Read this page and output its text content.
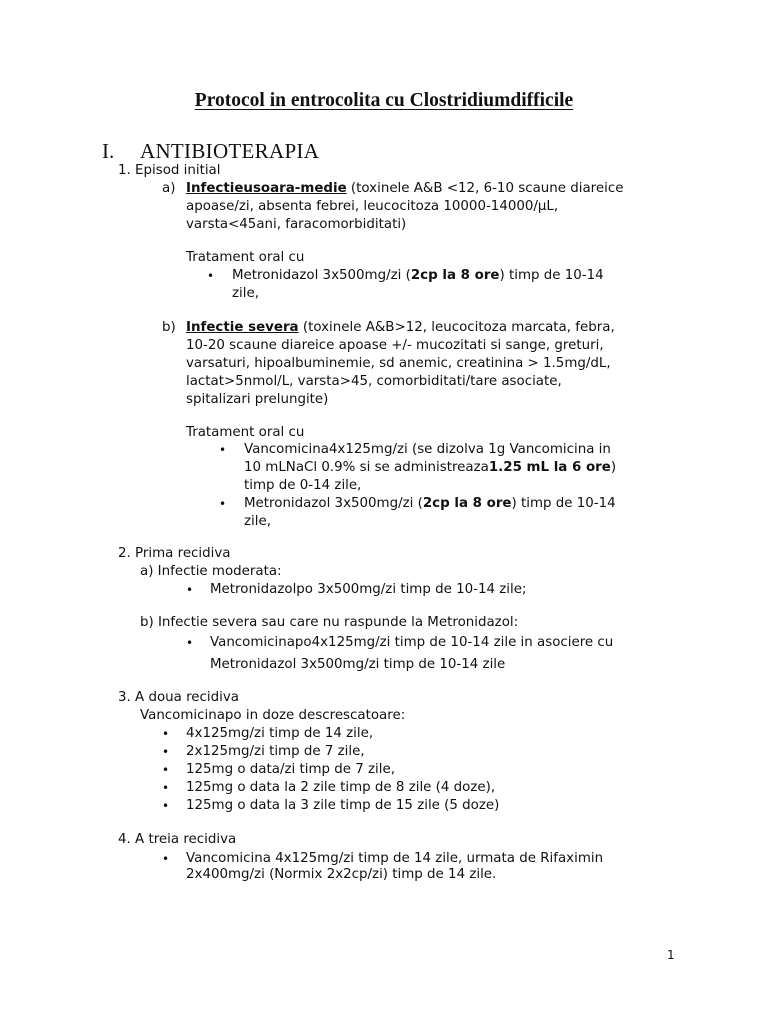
Protocol in entrocolita cu Clostridiumdifficile
I. ANTIBIOTERAPIA
1. Episod initial
a) Infectieusoara-medie (toxinele A&B <12, 6-10 scaune diareice
apoase/zi, absenta febrei, leucocitoza 10000-14000/μL,
varsta<45ani, faracomorbiditati)
Tratament oral cu
• Metronidazol 3x500mg/zi (2cp la 8 ore) timp de 10-14
zile,
b) Infectie severa (toxinele A&B>12, leucocitoza marcata, febra,
10-20 scaune diareice apoase +/- mucozitati si sange, greturi,
varsaturi, hipoalbuminemie, sd anemic, creatinina > 1.5mg/dL,
lactat>5nmol/L, varsta>45, comorbiditati/tare asociate,
spitalizari prelungite)
Tratament oral cu
• Vancomicina4x125mg/zi (se dizolva 1g Vancomicina in
10 mLNaCl 0.9% si se administreaza1.25 mL la 6 ore)
timp de 0-14 zile,
• Metronidazol 3x500mg/zi (2cp la 8 ore) timp de 10-14
zile,
2. Prima recidiva
a) Infectie moderata:
• Metronidazolpo 3x500mg/zi timp de 10-14 zile;
b) Infectie severa sau care nu raspunde la Metronidazol:
• Vancomicinapo4x125mg/zi timp de 10-14 zile in asociere cu
Metronidazol 3x500mg/zi timp de 10-14 zile
3. A doua recidiva
Vancomicinapo in doze descrescatoare:
• 4x125mg/zi timp de 14 zile,
• 2x125mg/zi timp de 7 zile,
• 125mg o data/zi timp de 7 zile,
• 125mg o data la 2 zile timp de 8 zile (4 doze),
• 125mg o data la 3 zile timp de 15 zile (5 doze)
4. A treia recidiva
• Vancomicina 4x125mg/zi timp de 14 zile, urmata de Rifaximin
2x400mg/zi (Normix 2x2cp/zi) timp de 14 zile.
1
